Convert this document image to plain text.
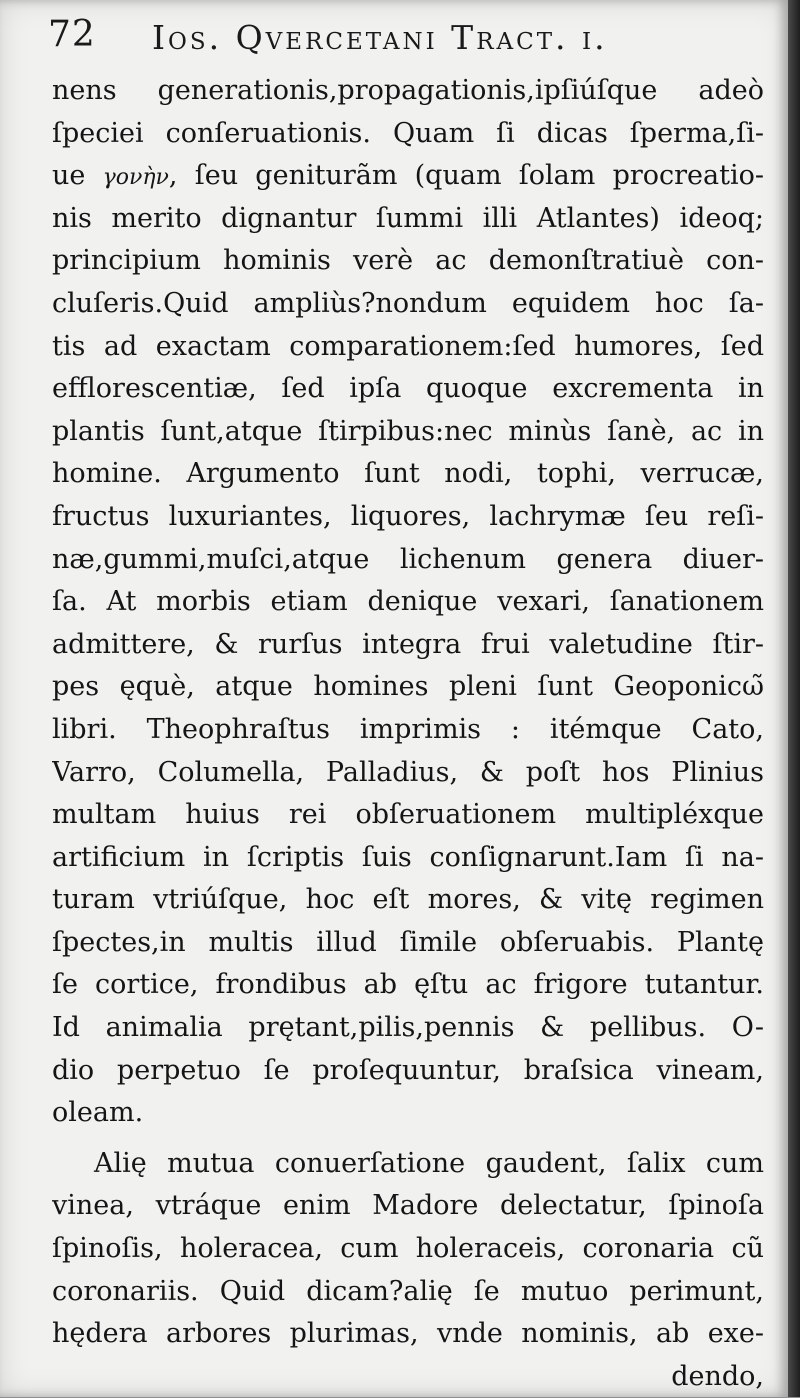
72 Ios. Qvercetani Tract. i.
nens generationis,propagationis,ipſiúſque adeò
ſpeciei conſeruationis. Quam ſi dicas ſperma,ſi-
ue γονὴν, ſeu geniturãm (quam ſolam procreatio-
nis merito dignantur ſummi illi Atlantes) ideoq;
principium hominis verè ac demonſtratiuè con-
cluſeris.Quid ampliùs?nondum equidem hoc ſa-
tis ad exactam comparationem:ſed humores, ſed
efflorescentiæ, ſed ipſa quoque excrementa in
plantis ſunt,atque ſtirpibus:nec minùs ſanè, ac in
homine. Argumento ſunt nodi, tophi, verrucæ,
fructus luxuriantes, liquores, lachrymæ ſeu reſi-
næ,gummi,muſci,atque lichenum genera diuer-
ſa. At morbis etiam denique vexari, ſanationem
admittere, & rurſus integra frui valetudine ſtir-
pes ęquè, atque homines pleni ſunt Geoponicω̃
libri. Theophraſtus imprimis : itémque Cato,
Varro, Columella, Palladius, & poſt hos Plinius
multam huius rei obſeruationem multipléxque
artificium in ſcriptis ſuis conſignarunt.Iam ſi na-
turam vtriúſque, hoc eſt mores, & vitę regimen
ſpectes,in multis illud ſimile obſeruabis. Plantę
ſe cortice, frondibus ab ęſtu ac frigore tutantur.
Id animalia prętant,pilis,pennis & pellibus. O-
dio perpetuo ſe proſequuntur, braſsica vineam,
oleam.
Alię mutua conuerſatione gaudent, ſalix cum
vinea, vtráque enim Madore delectatur, ſpinoſa
ſpinoſis, holeracea, cum holeraceis, coronaria cũ
coronariis. Quid dicam?alię ſe mutuo perimunt,
hędera arbores plurimas, vnde nominis, ab exe-
dendo,
